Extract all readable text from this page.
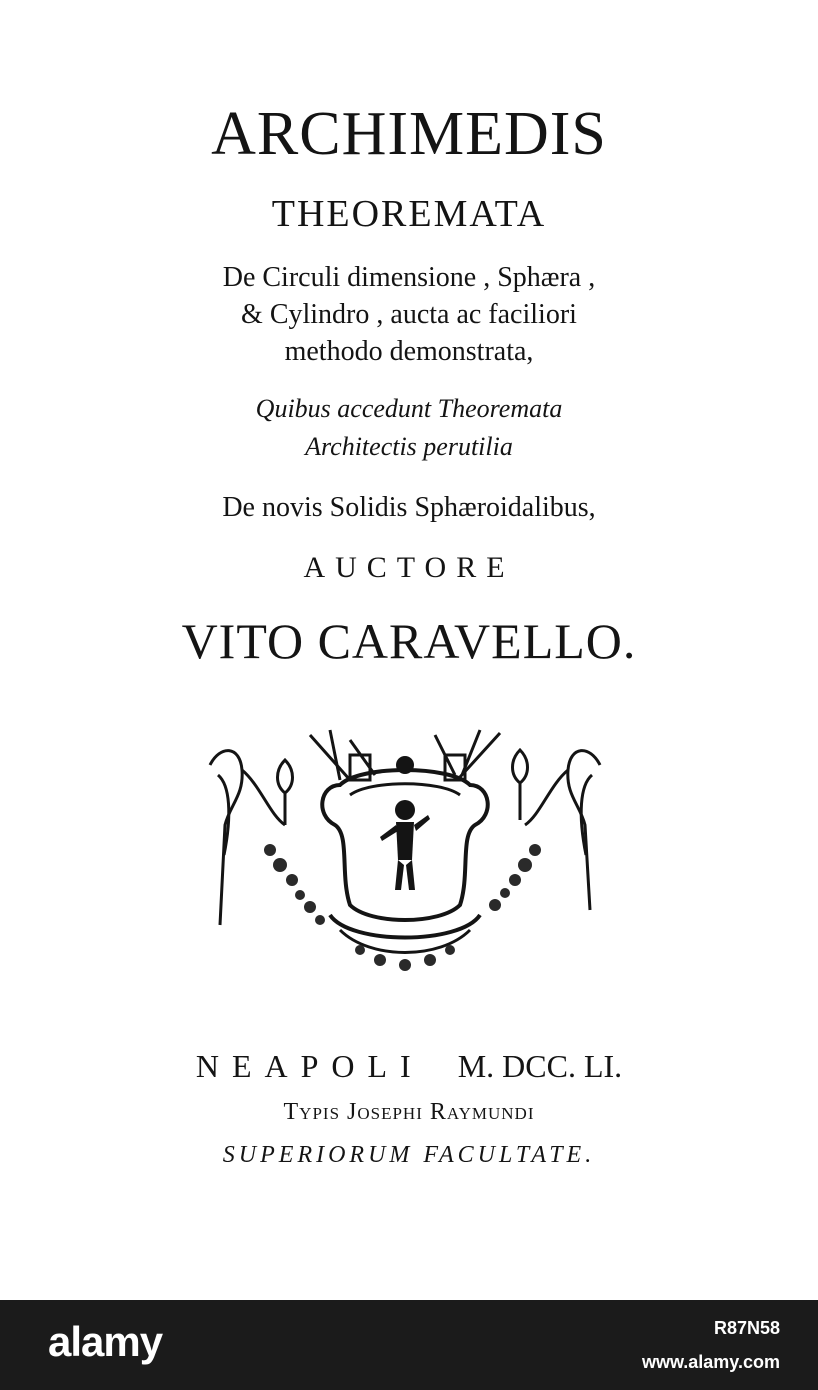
ARCHIMEDIS
THEOREMATA
De Circuli dimensione , Sphæra ,
& Cylindro , aucta ac faciliori
methodo demonstrata,
Quibus accedunt Theoremata
Architectis perutilia
De novis Solidis Sphæroidalibus,
AUCTORE
VITO CARAVELLO.
NEAPOLI M. DCC. LI.
Typis Josephi Raymundi
SUPERIORUM FACULTATE.
alamy	R87N58
www.alamy.com
